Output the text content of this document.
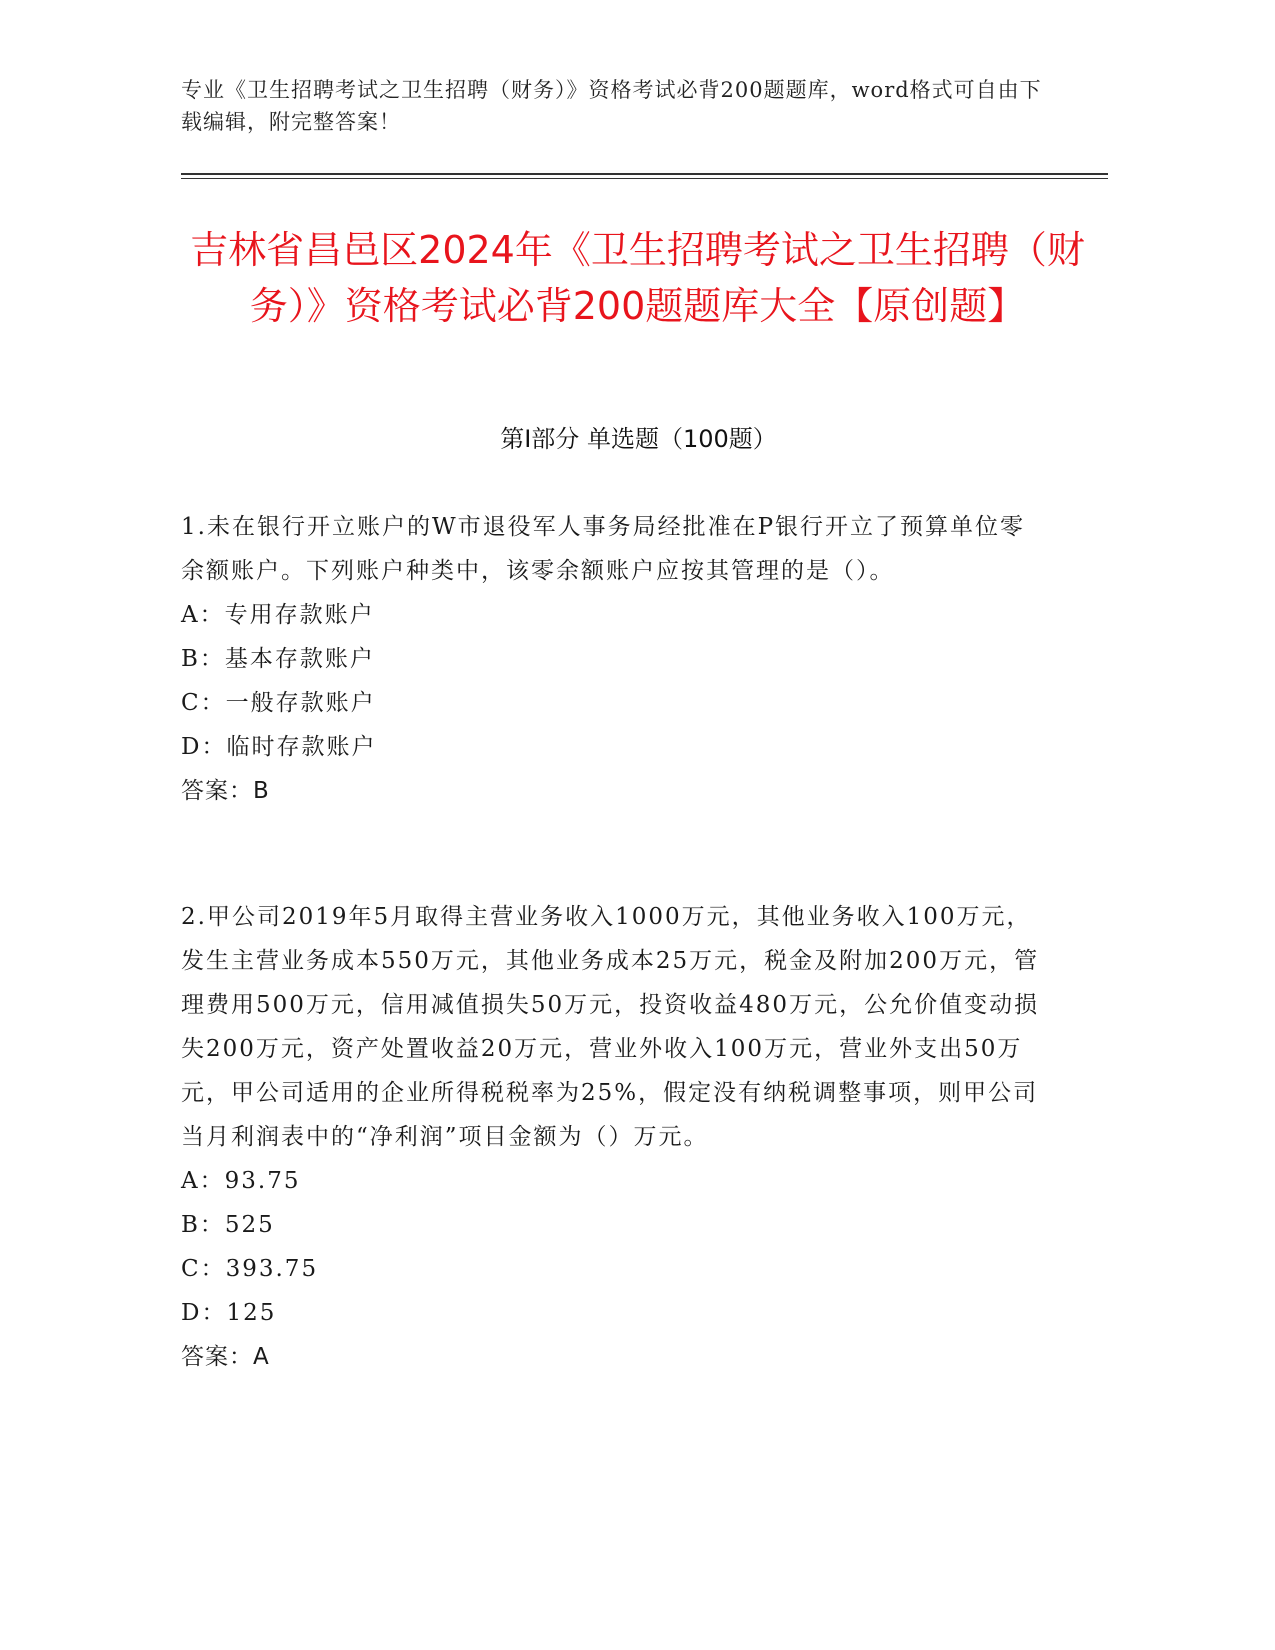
专业《卫生招聘考试之卫生招聘（财务）》资格考试必背200题题库，word格式可自由下载编辑，附完整答案！
吉林省昌邑区2024年《卫生招聘考试之卫生招聘（财务）》资格考试必背200题题库大全【原创题】
第I部分 单选题（100题）
1.未在银行开立账户的W市退役军人事务局经批准在P银行开立了预算单位零余额账户。下列账户种类中，该零余额账户应按其管理的是（）。
A：专用存款账户
B：基本存款账户
C：一般存款账户
D：临时存款账户
答案：B
2.甲公司2019年5月取得主营业务收入1000万元，其他业务收入100万元，发生主营业务成本550万元，其他业务成本25万元，税金及附加200万元，管理费用500万元，信用减值损失50万元，投资收益480万元，公允价值变动损失200万元，资产处置收益20万元，营业外收入100万元，营业外支出50万元，甲公司适用的企业所得税税率为25%，假定没有纳税调整事项，则甲公司当月利润表中的“净利润”项目金额为（）万元。
A：93.75
B：525
C：393.75
D：125
答案：A
